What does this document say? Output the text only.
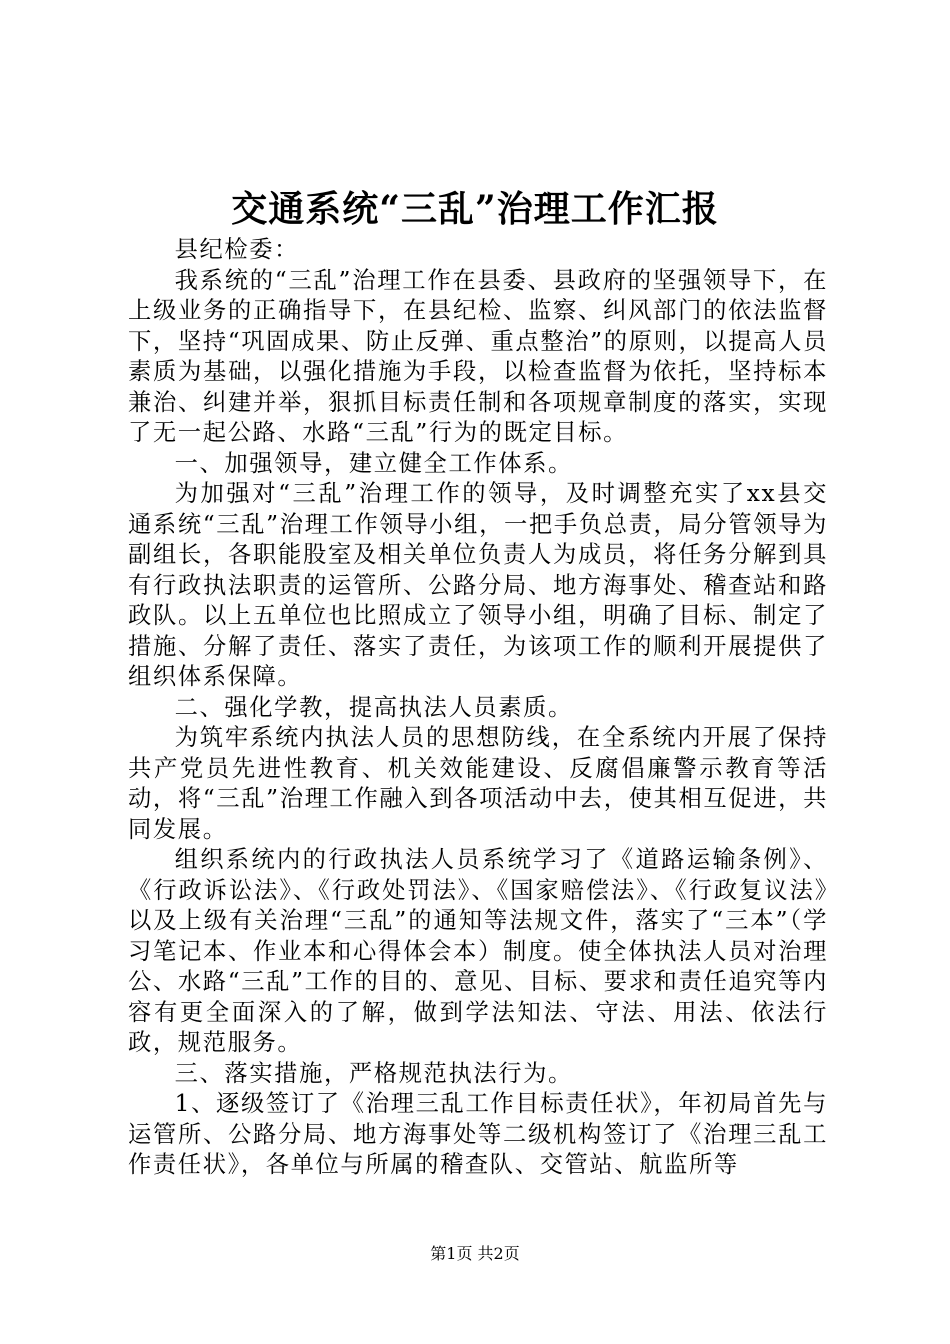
交通系统“三乱”治理工作汇报

县纪检委：

我系统的“三乱”治理工作在县委、县政府的坚强领导下，在上级业务的正确指导下，在县纪检、监察、纠风部门的依法监督下，坚持“巩固成果、防止反弹、重点整治”的原则，以提高人员素质为基础，以强化措施为手段，以检查监督为依托，坚持标本兼治、纠建并举，狠抓目标责任制和各项规章制度的落实，实现了无一起公路、水路“三乱”行为的既定目标。

一、加强领导，建立健全工作体系。

为加强对“三乱”治理工作的领导，及时调整充实了xx县交通系统“三乱”治理工作领导小组，一把手负总责，局分管领导为副组长，各职能股室及相关单位负责人为成员，将任务分解到具有行政执法职责的运管所、公路分局、地方海事处、稽查站和路政队。以上五单位也比照成立了领导小组，明确了目标、制定了措施、分解了责任、落实了责任，为该项工作的顺利开展提供了组织体系保障。

二、强化学教，提高执法人员素质。

为筑牢系统内执法人员的思想防线，在全系统内开展了保持共产党员先进性教育、机关效能建设、反腐倡廉警示教育等活动，将“三乱”治理工作融入到各项活动中去，使其相互促进，共同发展。

组织系统内的行政执法人员系统学习了《道路运输条例》、《行政诉讼法》、《行政处罚法》、《国家赔偿法》、《行政复议法》以及上级有关治理“三乱”的通知等法规文件，落实了“三本”（学习笔记本、作业本和心得体会本）制度。使全体执法人员对治理公、水路“三乱”工作的目的、意见、目标、要求和责任追究等内容有更全面深入的了解，做到学法知法、守法、用法、依法行政，规范服务。

三、落实措施，严格规范执法行为。

1、逐级签订了《治理三乱工作目标责任状》，年初局首先与运管所、公路分局、地方海事处等二级机构签订了《治理三乱工作责任状》，各单位与所属的稽查队、交管站、航监所等

第1页 共2页
